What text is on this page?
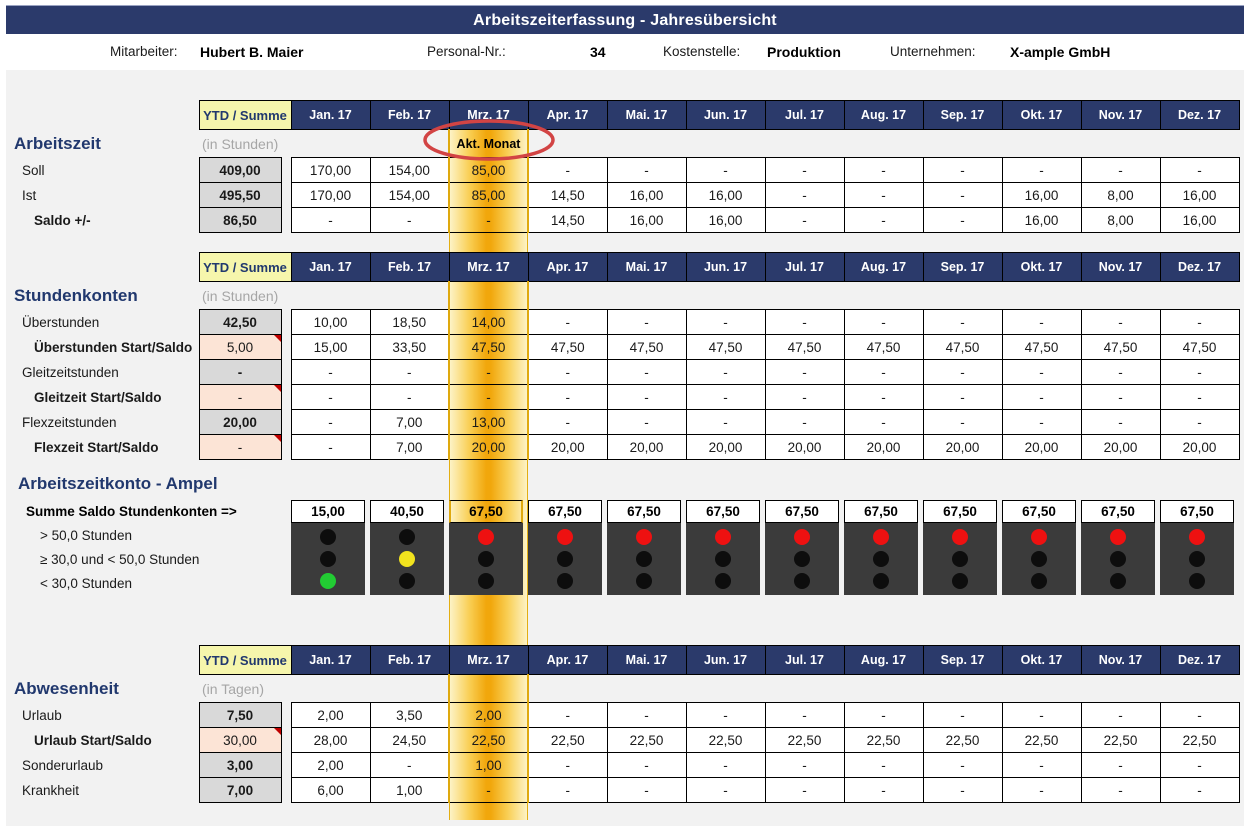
Arbeitszeiterfassung - Jahresübersicht
Mitarbeiter: Hubert B. Maier	Personal-Nr.:	34	Kostenstelle: Produktion	Unternehmen: X-ample GmbH
	YTD / Summe		Jan. 17	Feb. 17	Mrz. 17	Apr. 17	Mai. 17	Jun. 17	Jul. 17	Aug. 17	Sep. 17	Okt. 17	Nov. 17	Dez. 17
Arbeitszeit	(in Stunden)				Akt. Monat									
Soll	409,00		170,00	154,00	85,00	-	-	-	-	-	-	-	-	-
Ist	495,50		170,00	154,00	85,00	14,50	16,00	16,00	-	-	-	16,00	8,00	16,00
Saldo +/-	86,50		-	-	-	14,50	16,00	16,00	-	-	-	16,00	8,00	16,00
	YTD / Summe		Jan. 17	Feb. 17	Mrz. 17	Apr. 17	Mai. 17	Jun. 17	Jul. 17	Aug. 17	Sep. 17	Okt. 17	Nov. 17	Dez. 17
Stundenkonten	(in Stunden)													
Überstunden	42,50		10,00	18,50	14,00	-	-	-	-	-	-	-	-	-
Überstunden Start/Saldo	5,00		15,00	33,50	47,50	47,50	47,50	47,50	47,50	47,50	47,50	47,50	47,50	47,50
Gleitzeitstunden	-		-	-	-	-	-	-	-	-	-	-	-	-
Gleitzeit Start/Saldo	-		-	-	-	-	-	-	-	-	-	-	-	-
Flexzeitstunden	20,00		-	7,00	13,00	-	-	-	-	-	-	-	-	-
Flexzeit Start/Saldo	-		-	7,00	20,00	20,00	20,00	20,00	20,00	20,00	20,00	20,00	20,00	20,00
	YTD / Summe		Jan. 17	Feb. 17	Mrz. 17	Apr. 17	Mai. 17	Jun. 17	Jul. 17	Aug. 17	Sep. 17	Okt. 17	Nov. 17	Dez. 17
Abwesenheit	(in Tagen)													
Urlaub	7,50		2,00	3,50	2,00	-	-	-	-	-	-	-	-	-
Urlaub Start/Saldo	30,00		28,00	24,50	22,50	22,50	22,50	22,50	22,50	22,50	22,50	22,50	22,50	22,50
Sonderurlaub	3,00		2,00	-	1,00	-	-	-	-	-	-	-	-	-
Krankheit	7,00		6,00	1,00	-	-	-	-	-	-	-	-	-	-
Arbeitszeitkonto - Ampel
Summe Saldo Stundenkonten =>
> 50,0 Stunden
≥ 30,0 und < 50,0 Stunden
< 30,0 Stunden
15,00	40,50	67,50	67,50	67,50	67,50	67,50	67,50	67,50	67,50	67,50	67,50
